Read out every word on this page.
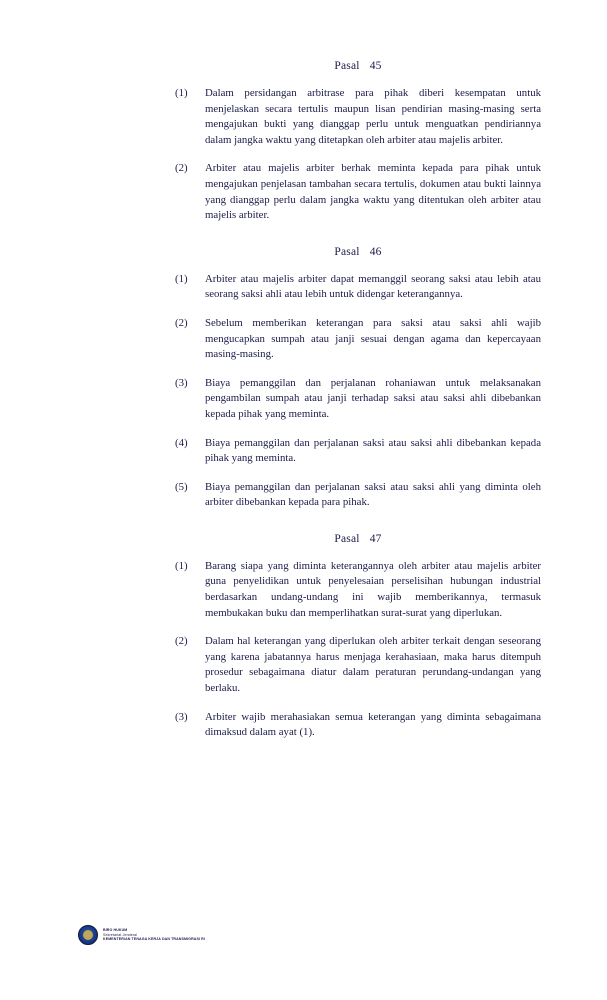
Pasal 45
(1)	Dalam persidangan arbitrase para pihak diberi kesempatan untuk menjelaskan secara tertulis maupun lisan pendirian masing-masing serta mengajukan bukti yang dianggap perlu untuk menguatkan pendiriannya dalam jangka waktu yang ditetapkan oleh arbiter atau majelis arbiter.
(2)	Arbiter atau majelis arbiter berhak meminta kepada para pihak untuk mengajukan penjelasan tambahan secara tertulis, dokumen atau bukti lainnya yang dianggap perlu dalam jangka waktu yang ditentukan oleh arbiter atau majelis arbiter.
Pasal 46
(1)	Arbiter atau majelis arbiter dapat memanggil seorang saksi atau lebih atau seorang saksi ahli atau lebih untuk didengar keterangannya.
(2)	Sebelum memberikan keterangan para saksi atau saksi ahli wajib mengucapkan sumpah atau janji sesuai dengan agama dan kepercayaan masing-masing.
(3)	Biaya pemanggilan dan perjalanan rohaniawan untuk melaksanakan pengambilan sumpah atau janji terhadap saksi atau saksi ahli dibebankan kepada pihak yang meminta.
(4)	Biaya pemanggilan dan perjalanan saksi atau saksi ahli dibebankan kepada pihak yang meminta.
(5)	Biaya pemanggilan dan perjalanan saksi atau saksi ahli yang diminta oleh arbiter dibebankan kepada para pihak.
Pasal 47
(1)	Barang siapa yang diminta keterangannya oleh arbiter atau majelis arbiter guna penyelidikan untuk penyelesaian perselisihan hubungan industrial berdasarkan undang-undang ini wajib memberikannya, termasuk membukakan buku dan memperlihatkan surat-surat yang diperlukan.
(2)	Dalam hal keterangan yang diperlukan oleh arbiter terkait dengan seseorang yang karena jabatannya harus menjaga kerahasiaan, maka harus ditempuh prosedur sebagaimana diatur dalam peraturan perundang-undangan yang berlaku.
(3)	Arbiter wajib merahasiakan semua keterangan yang diminta sebagaimana dimaksud dalam ayat (1).
BIRO HUKUM
Sekretariat Jenderal
KEMENTERIAN TENAGA KERJA DAN TRANSMIGRASI RI
